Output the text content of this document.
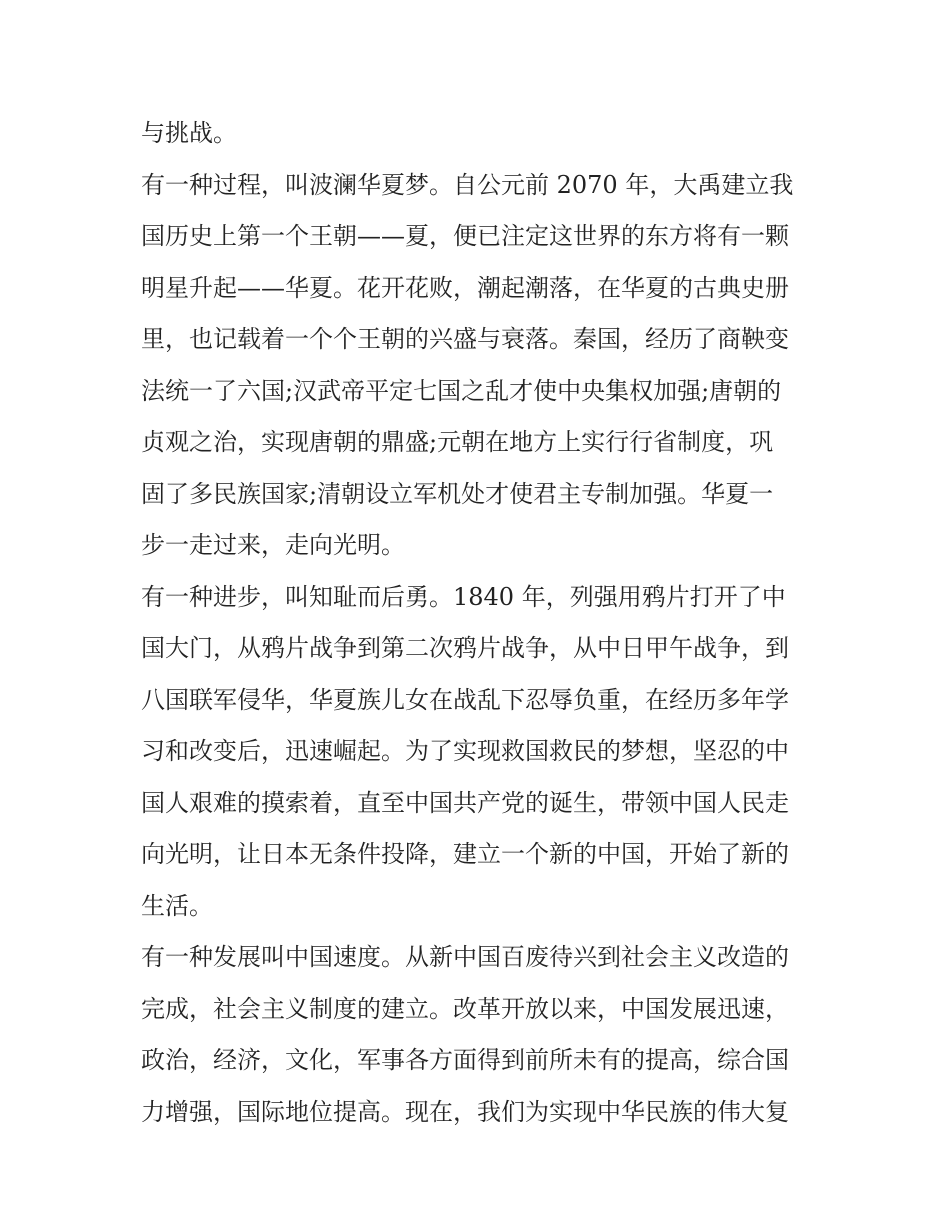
与挑战。
有一种过程，叫波澜华夏梦。自公元前 2070 年，大禹建立我
国历史上第一个王朝——夏，便已注定这世界的东方将有一颗
明星升起——华夏。花开花败，潮起潮落，在华夏的古典史册
里，也记载着一个个王朝的兴盛与衰落。秦国，经历了商鞅变
法统一了六国;汉武帝平定七国之乱才使中央集权加强;唐朝的
贞观之治，实现唐朝的鼎盛;元朝在地方上实行行省制度，巩
固了多民族国家;清朝设立军机处才使君主专制加强。华夏一
步一走过来，走向光明。
有一种进步，叫知耻而后勇。1840 年，列强用鸦片打开了中
国大门，从鸦片战争到第二次鸦片战争，从中日甲午战争，到
八国联军侵华，华夏族儿女在战乱下忍辱负重，在经历多年学
习和改变后，迅速崛起。为了实现救国救民的梦想，坚忍的中
国人艰难的摸索着，直至中国共产党的诞生，带领中国人民走
向光明，让日本无条件投降，建立一个新的中国，开始了新的
生活。
有一种发展叫中国速度。从新中国百废待兴到社会主义改造的
完成，社会主义制度的建立。改革开放以来，中国发展迅速，
政治，经济，文化，军事各方面得到前所未有的提高，综合国
力增强，国际地位提高。现在，我们为实现中华民族的伟大复
